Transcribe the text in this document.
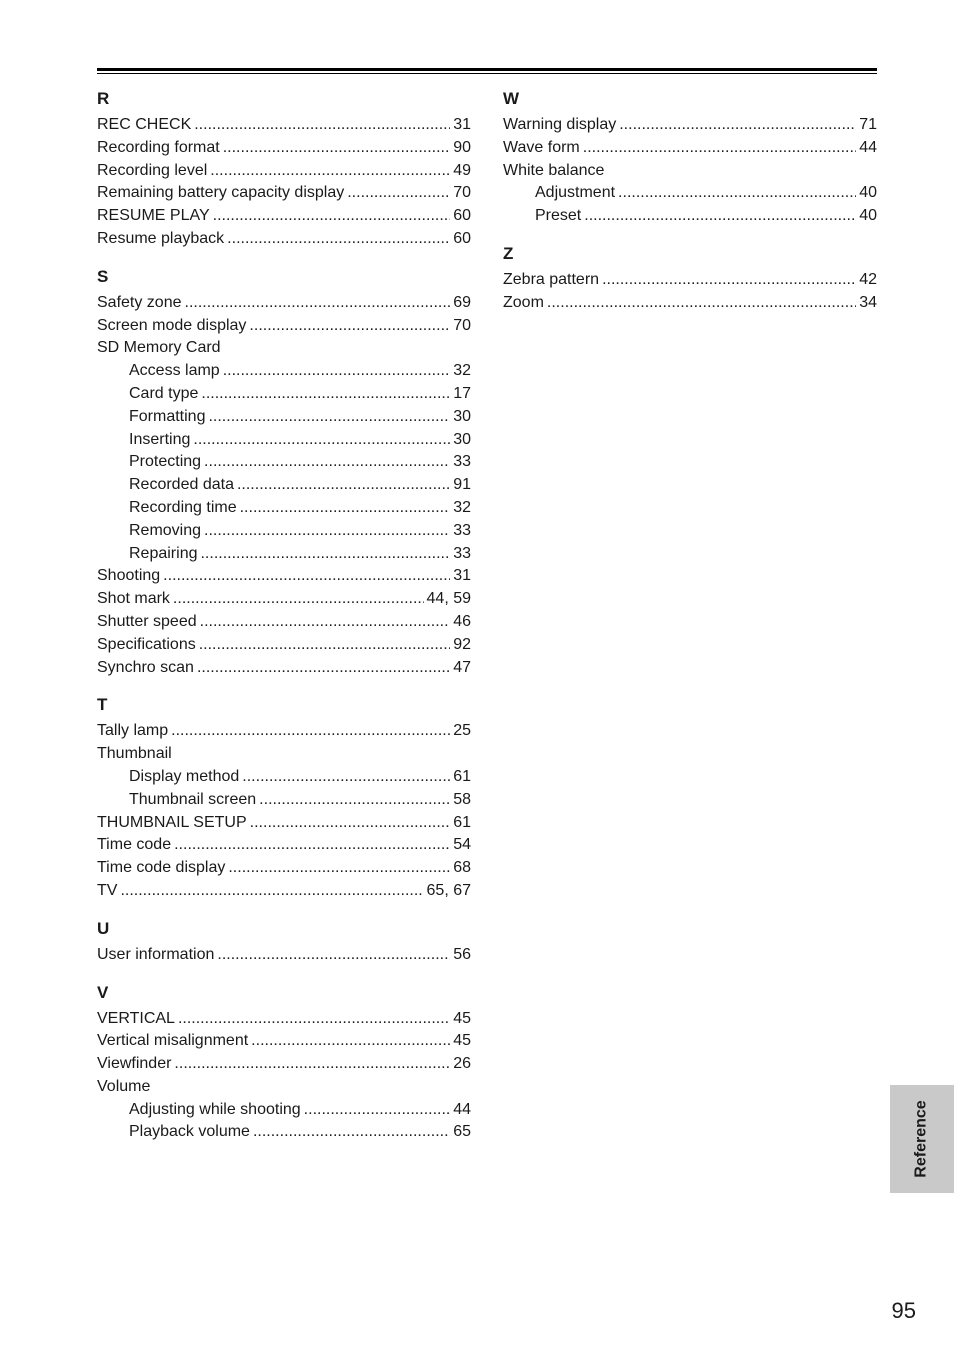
R
REC CHECK .....	31
Recording format .....	90
Recording level .....	49
Remaining battery capacity display .....	70
RESUME PLAY .....	60
Resume playback .....	60
S
Safety zone .....	69
Screen mode display .....	70
SD Memory Card
Access lamp .....	32
Card type .....	17
Formatting .....	30
Inserting .....	30
Protecting .....	33
Recorded data .....	91
Recording time .....	32
Removing .....	33
Repairing .....	33
Shooting .....	31
Shot mark .....	44, 59
Shutter speed .....	46
Specifications .....	92
Synchro scan .....	47
T
Tally lamp .....	25
Thumbnail
Display method .....	61
Thumbnail screen .....	58
THUMBNAIL SETUP .....	61
Time code .....	54
Time code display .....	68
TV .....	65, 67
U
User information .....	56
V
VERTICAL .....	45
Vertical misalignment .....	45
Viewfinder .....	26
Volume
Adjusting while shooting .....	44
Playback volume .....	65
W
Warning display .....	71
Wave form .....	44
White balance
Adjustment .....	40
Preset .....	40
Z
Zebra pattern .....	42
Zoom .....	34
Reference
95
